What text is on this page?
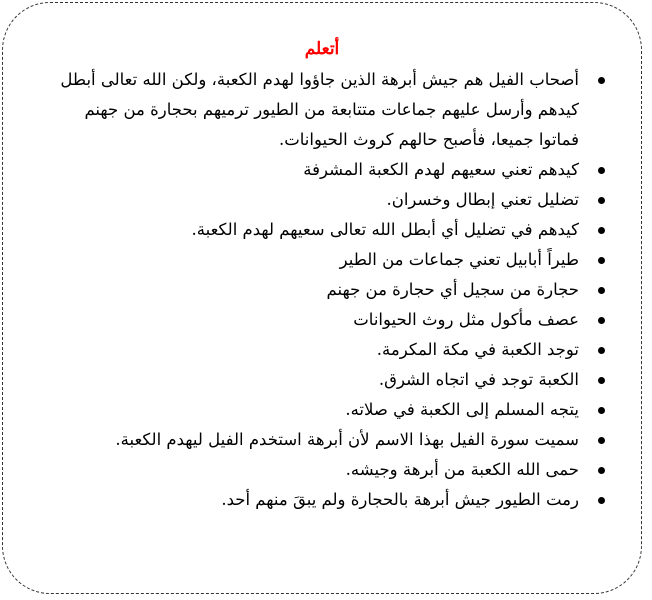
أتعلم
أصحاب الفيل هم جيش أبرهة الذين جاؤوا لهدم الكعبة، ولكن الله تعالى أبطل كيدهم وأرسل عليهم جماعات متتابعة من الطيور ترميهم بحجارة من جهنم فماتوا جميعا، فأصبح حالهم كروث الحيوانات.
كيدهم تعني سعيهم لهدم الكعبة المشرفة
تضليل تعني إبطال وخسران.
كيدهم في تضليل أي أبطل الله تعالى سعيهم لهدم الكعبة.
طيراً أبابيل تعني جماعات من الطير
حجارة من سجيل أي حجارة من جهنم
عصف مأكول مثل روث الحيوانات
توجد الكعبة في مكة المكرمة.
الكعبة توجد في اتجاه الشرق.
يتجه المسلم إلى الكعبة في صلاته.
سميت سورة الفيل بهذا الاسم لأن أبرهة استخدم الفيل ليهدم الكعبة.
حمى الله الكعبة من أبرهة وجيشه.
رمت الطيور جيش أبرهة بالحجارة ولم يبقَ منهم أحد.
